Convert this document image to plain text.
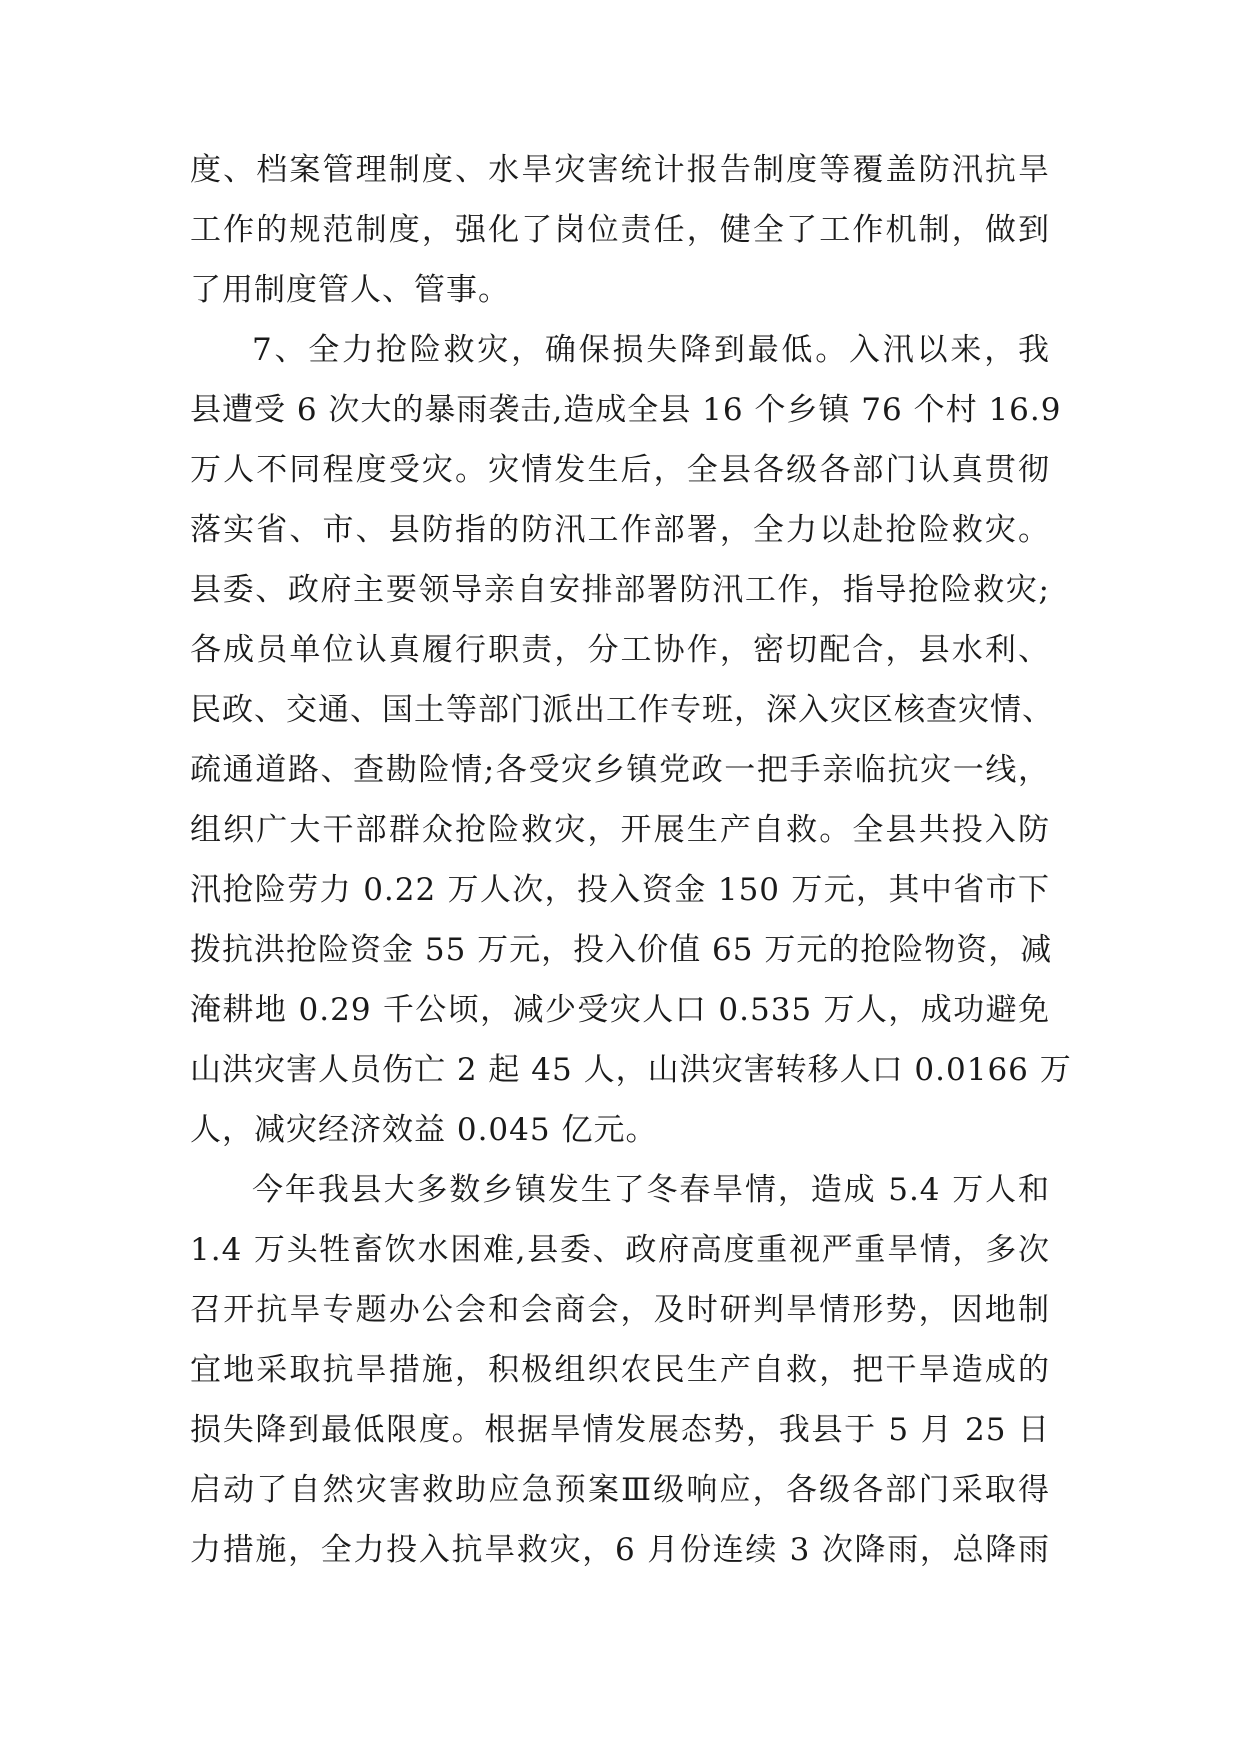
度、档案管理制度、水旱灾害统计报告制度等覆盖防汛抗旱
工作的规范制度，强化了岗位责任，健全了工作机制，做到
了用制度管人、管事。
7、全力抢险救灾，确保损失降到最低。入汛以来，我
县遭受 6 次大的暴雨袭击,造成全县 16 个乡镇 76 个村 16.9
万人不同程度受灾。灾情发生后，全县各级各部门认真贯彻
落实省、市、县防指的防汛工作部署，全力以赴抢险救灾。
县委、政府主要领导亲自安排部署防汛工作，指导抢险救灾;
各成员单位认真履行职责，分工协作，密切配合，县水利、
民政、交通、国土等部门派出工作专班，深入灾区核查灾情、
疏通道路、查勘险情;各受灾乡镇党政一把手亲临抗灾一线，
组织广大干部群众抢险救灾，开展生产自救。全县共投入防
汛抢险劳力 0.22 万人次，投入资金 150 万元，其中省市下
拨抗洪抢险资金 55 万元，投入价值 65 万元的抢险物资，减
淹耕地 0.29 千公顷，减少受灾人口 0.535 万人，成功避免
山洪灾害人员伤亡 2 起 45 人，山洪灾害转移人口 0.0166 万
人，减灾经济效益 0.045 亿元。
今年我县大多数乡镇发生了冬春旱情，造成 5.4 万人和
1.4 万头牲畜饮水困难,县委、政府高度重视严重旱情，多次
召开抗旱专题办公会和会商会，及时研判旱情形势，因地制
宜地采取抗旱措施，积极组织农民生产自救，把干旱造成的
损失降到最低限度。根据旱情发展态势，我县于 5 月 25 日
启动了自然灾害救助应急预案Ⅲ级响应，各级各部门采取得
力措施，全力投入抗旱救灾，6 月份连续 3 次降雨，总降雨
